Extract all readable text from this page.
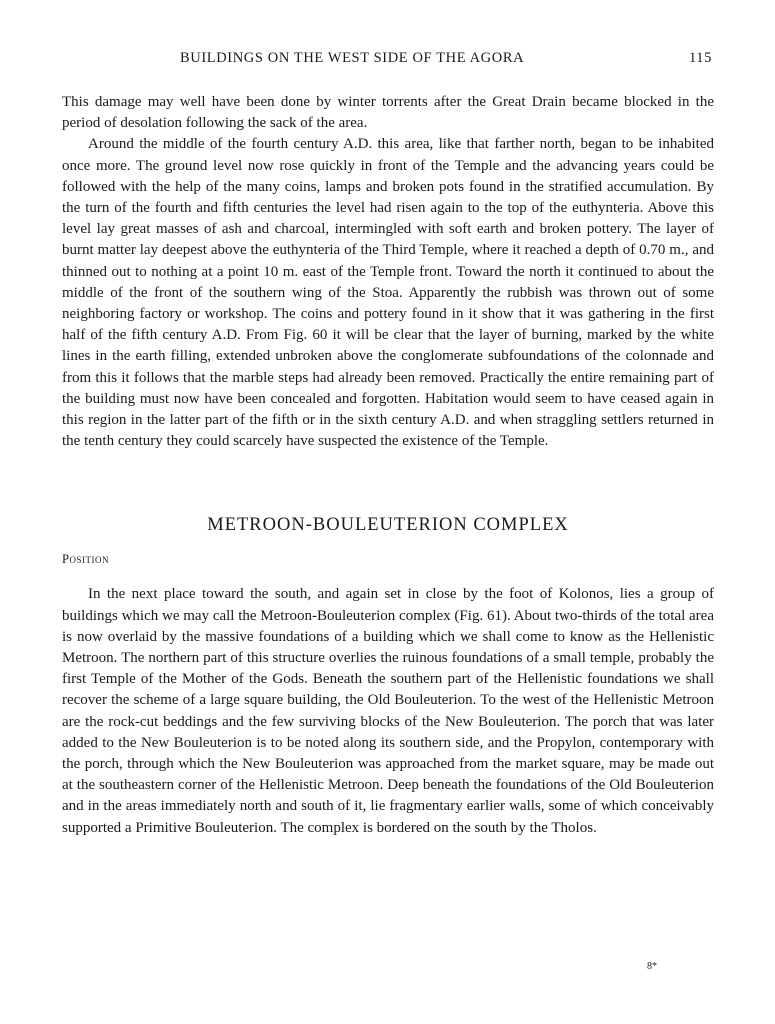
BUILDINGS ON THE WEST SIDE OF THE AGORA	115

This damage may well have been done by winter torrents after the Great Drain became blocked in the period of desolation following the sack of the area.

Around the middle of the fourth century A.D. this area, like that farther north, began to be inhabited once more. The ground level now rose quickly in front of the Temple and the advancing years could be followed with the help of the many coins, lamps and broken pots found in the stratified accumulation. By the turn of the fourth and fifth centuries the level had risen again to the top of the euthynteria. Above this level lay great masses of ash and charcoal, intermingled with soft earth and broken pottery. The layer of burnt matter lay deepest above the euthynteria of the Third Temple, where it reached a depth of 0.70 m., and thinned out to nothing at a point 10 m. east of the Temple front. Toward the north it continued to about the middle of the front of the southern wing of the Stoa. Apparently the rubbish was thrown out of some neighboring factory or workshop. The coins and pottery found in it show that it was gathering in the first half of the fifth century A.D. From Fig. 60 it will be clear that the layer of burning, marked by the white lines in the earth filling, extended unbroken above the conglomerate subfoundations of the colonnade and from this it follows that the marble steps had already been removed. Practically the entire remaining part of the building must now have been concealed and forgotten. Habitation would seem to have ceased again in this region in the latter part of the fifth or in the sixth century A.D. and when straggling settlers returned in the tenth century they could scarcely have suspected the existence of the Temple.

METROON-BOULEUTERION COMPLEX
Position

In the next place toward the south, and again set in close by the foot of Kolonos, lies a group of buildings which we may call the Metroon-Bouleuterion complex (Fig. 61). About two-thirds of the total area is now overlaid by the massive foundations of a building which we shall come to know as the Hellenistic Metroon. The northern part of this structure overlies the ruinous foundations of a small temple, probably the first Temple of the Mother of the Gods. Beneath the southern part of the Hellenistic foundations we shall recover the scheme of a large square building, the Old Bouleuterion. To the west of the Hellenistic Metroon are the rock-cut beddings and the few surviving blocks of the New Bouleuterion. The porch that was later added to the New Bouleuterion is to be noted along its southern side, and the Propylon, contemporary with the porch, through which the New Bouleuterion was approached from the market square, may be made out at the southeastern corner of the Hellenistic Metroon. Deep beneath the foundations of the Old Bouleuterion and in the areas immediately north and south of it, lie fragmentary earlier walls, some of which conceivably supported a Primitive Bouleuterion. The complex is bordered on the south by the Tholos.

8*
